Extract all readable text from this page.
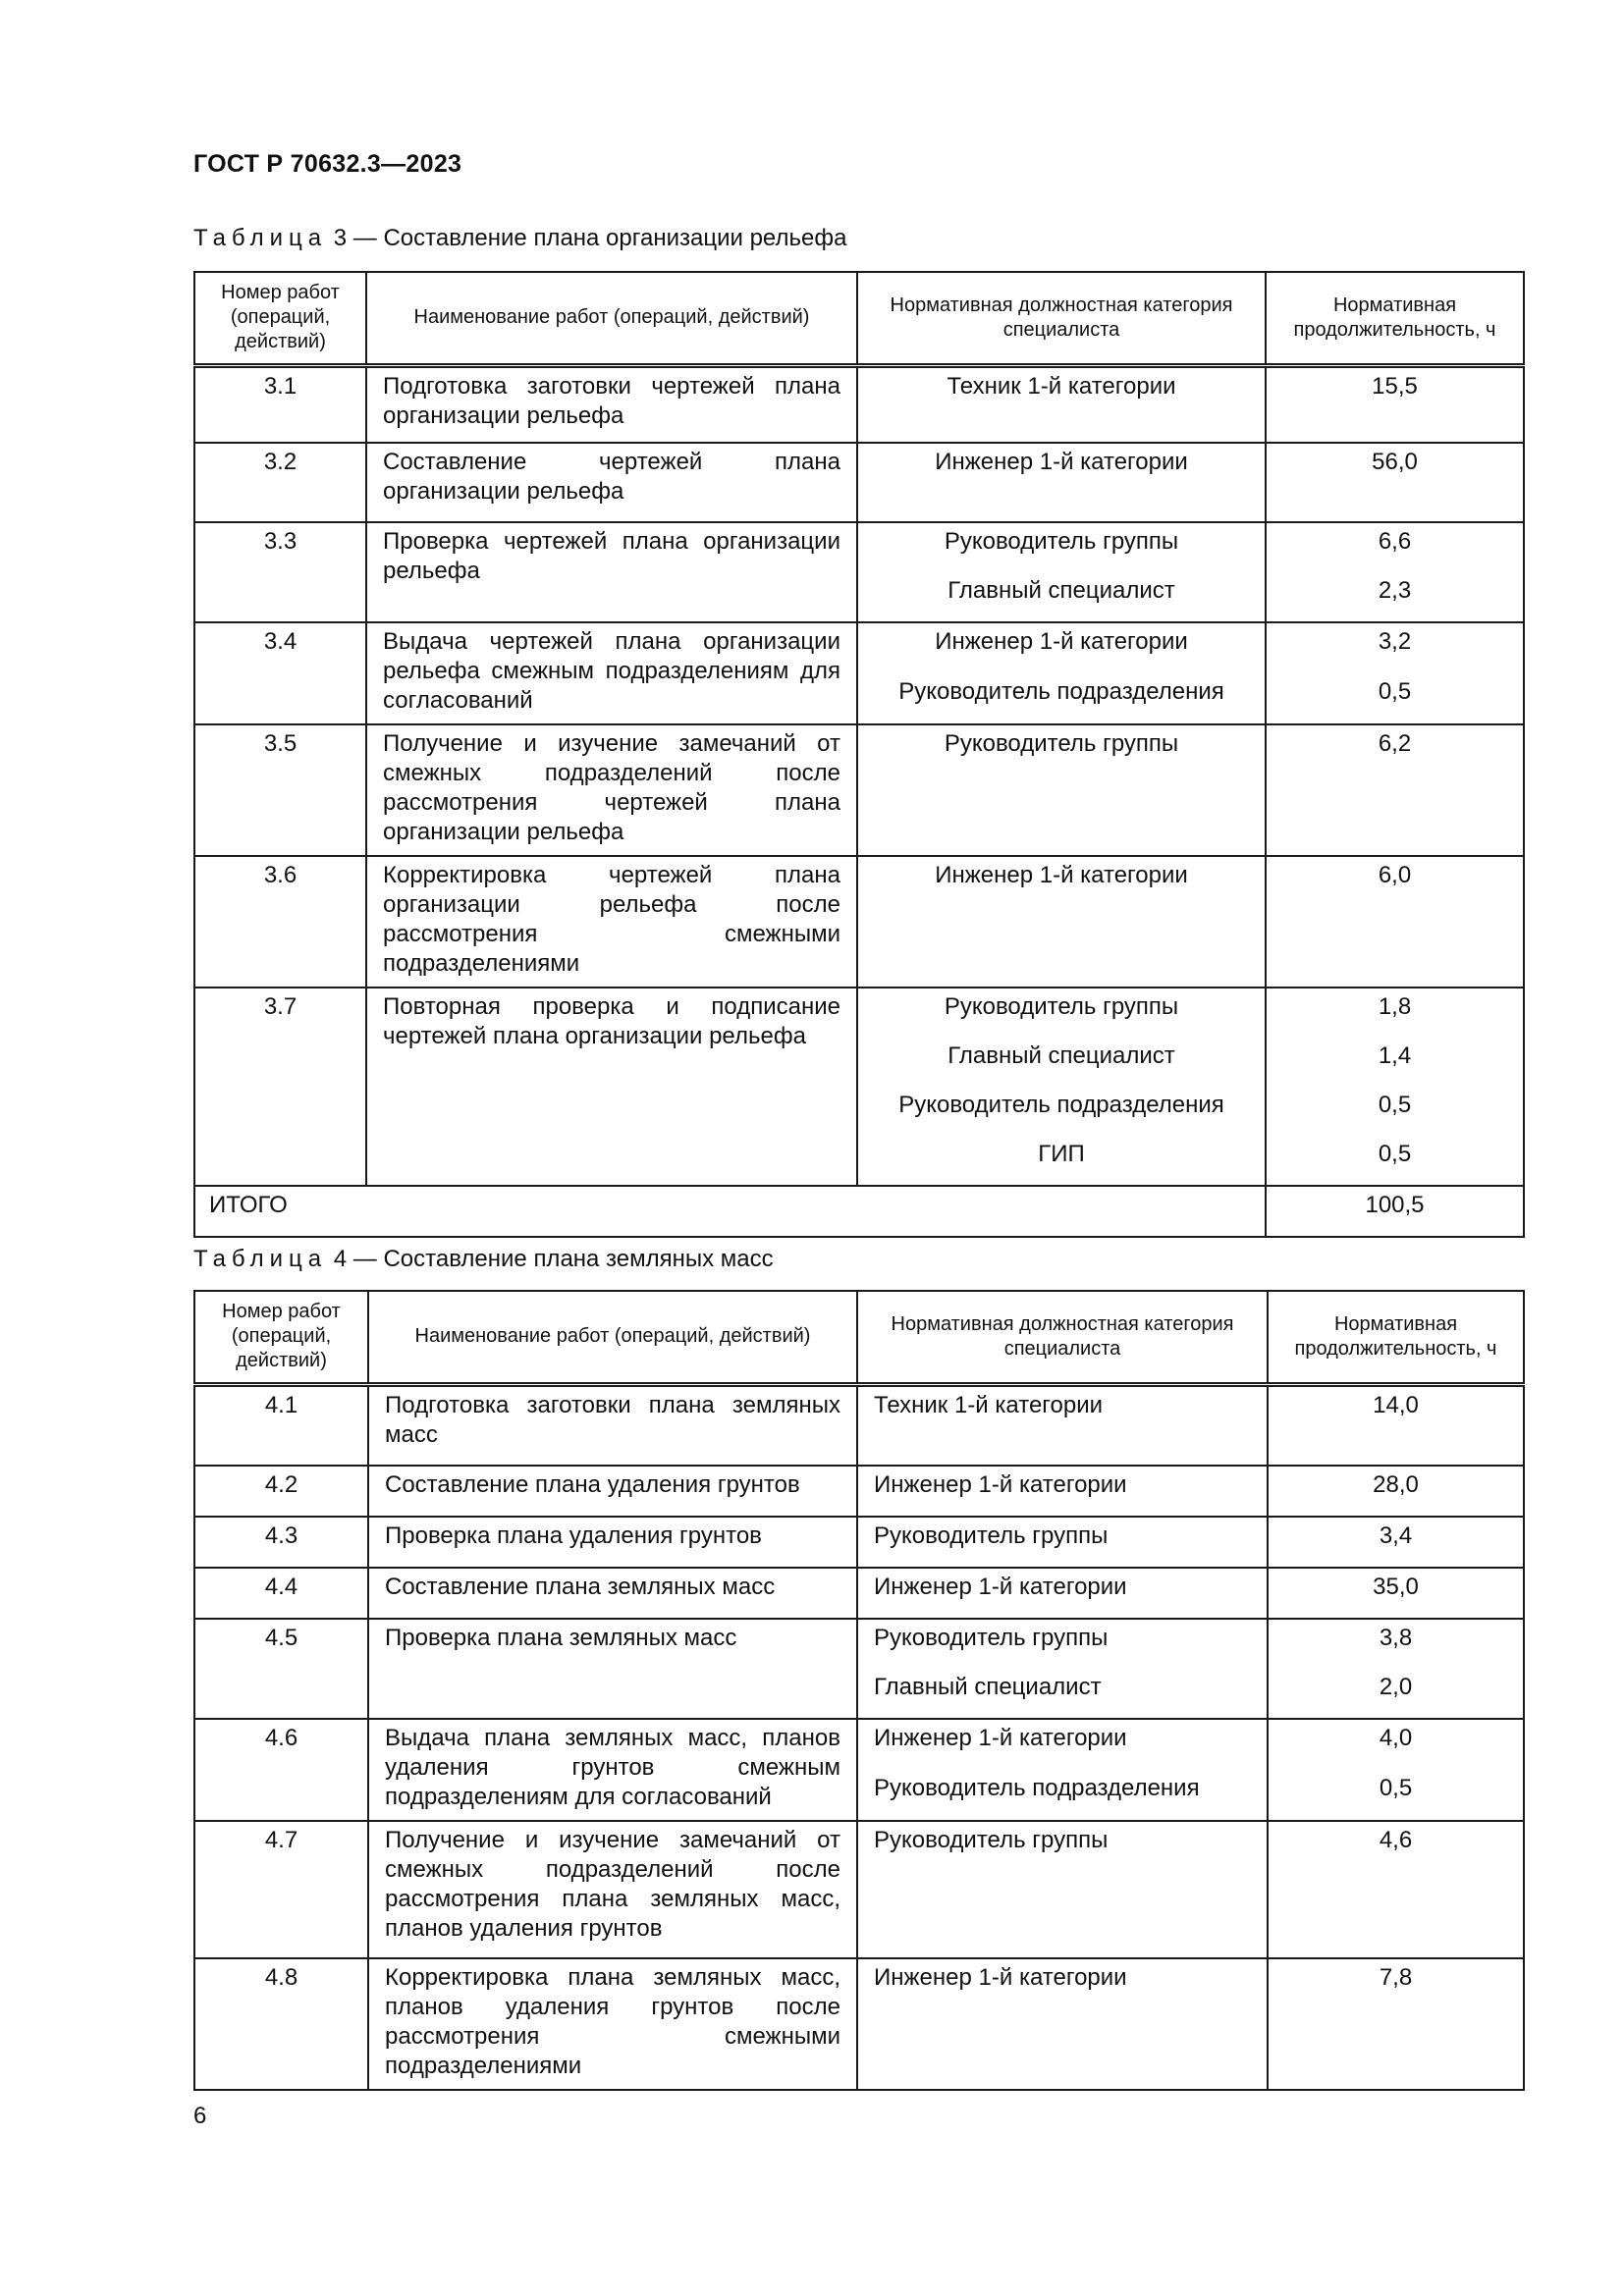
ГОСТ Р 70632.3—2023
Таблица 3 — Составление плана организации рельефа
Номер работ (операций, действий)	Наименование работ (операций, действий)	Нормативная должностная категория специалиста	Нормативная продолжительность, ч
3.1	Подготовка заготовки чертежей плана организации рельефа	Техник 1-й категории	15,5

3.2	Составление чертежей плана организации рельефа	Инженер 1-й категории	56,0

3.3	Проверка чертежей плана организации рельефа	Руководитель группы	6,6

		Главный специалист	2,3

3.4	Выдача чертежей плана организации рельефа смежным подразделениям для согласований	Инженер 1-й категории	3,2

		Руководитель подразделения	0,5

3.5	Получение и изучение замечаний от смежных подразделений после рассмотрения чертежей плана организации рельефа	Руководитель группы	6,2

3.6	Корректировка чертежей плана организации рельефа после рассмотрения смежными подразделениями	Инженер 1-й категории	6,0

3.7	Повторная проверка и подписание чертежей плана организации рельефа	Руководитель группы	1,8

		Главный специалист	1,4

		Руководитель подразделения	0,5

		ГИП	0,5

ИТОГО			100,5
Таблица 4 — Составление плана земляных масс
Номер работ (операций, действий)	Наименование работ (операций, действий)	Нормативная должностная категория специалиста	Нормативная продолжительность, ч
4.1	Подготовка заготовки плана земляных масс	Техник 1-й категории	14,0

4.2	Составление плана удаления грунтов	Инженер 1-й категории	28,0

4.3	Проверка плана удаления грунтов	Руководитель группы	3,4

4.4	Составление плана земляных масс	Инженер 1-й категории	35,0

4.5	Проверка плана земляных масс	Руководитель группы	3,8

		Главный специалист	2,0

4.6	Выдача плана земляных масс, планов удаления грунтов смежным подразделениям для согласований	Инженер 1-й категории	4,0

		Руководитель подразделения	0,5

4.7	Получение и изучение замечаний от смежных подразделений после рассмотрения плана земляных масс, планов удаления грунтов	Руководитель группы	4,6

4.8	Корректировка плана земляных масс, планов удаления грунтов после рассмотрения смежными подразделениями	Инженер 1-й категории	7,8
6
